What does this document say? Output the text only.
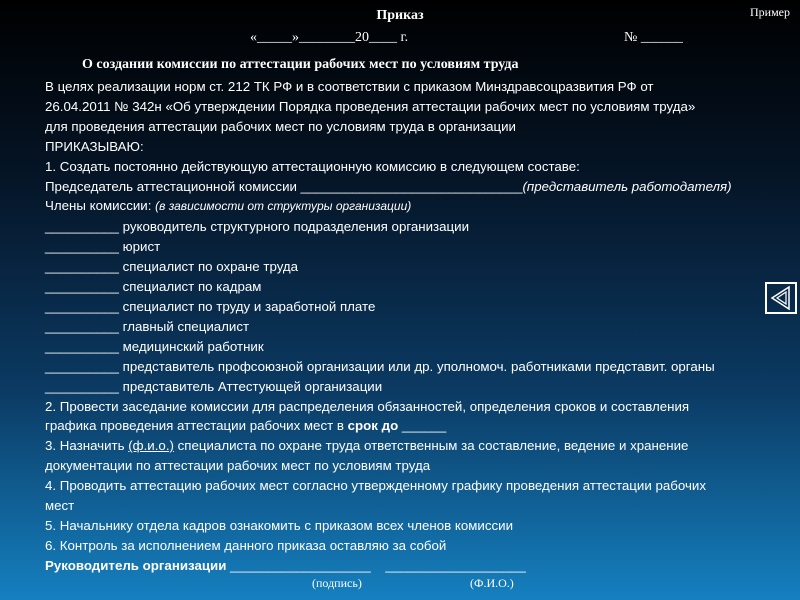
Приказ	Пример
«_____»________20____ г.	№ ______
О создании комиссии по аттестации рабочих мест по условиям труда
В целях реализации норм ст. 212 ТК РФ и в соответствии с приказом Минздравсоцразвития РФ от
26.04.2011 № 342н «Об утверждении Порядка проведения аттестации рабочих мест по условиям труда»
для проведения аттестации рабочих мест по условиям труда в организации
ПРИКАЗЫВАЮ:
1. Создать постоянно действующую аттестационную комиссию в следующем составе:
Председатель аттестационной комиссии ______________________________(представитель работодателя)
Члены комиссии: (в зависимости от структуры организации)
__________ руководитель структурного подразделения организации
__________ юрист
__________ специалист по охране труда
__________ специалист по кадрам
__________ специалист по труду и заработной плате
__________ главный специалист
__________ медицинский работник
__________ представитель профсоюзной организации или др. уполномоч. работниками представит. органы
__________ представитель Аттестующей организации
2. Провести заседание комиссии для распределения обязанностей, определения сроков и составления
графика проведения аттестации рабочих мест в срок до ______
3. Назначить (ф.и.о.) специалиста по охране труда ответственным за составление, ведение и хранение
документации по аттестации рабочих мест по условиям труда
4. Проводить аттестацию рабочих мест согласно утвержденному графику проведения аттестации рабочих
мест
5. Начальнику отдела кадров ознакомить с приказом всех членов комиссии
6. Контроль за исполнением данного приказа оставляю за собой
Руководитель организации ___________________ ___________________
(подпись)	(Ф.И.О.)
